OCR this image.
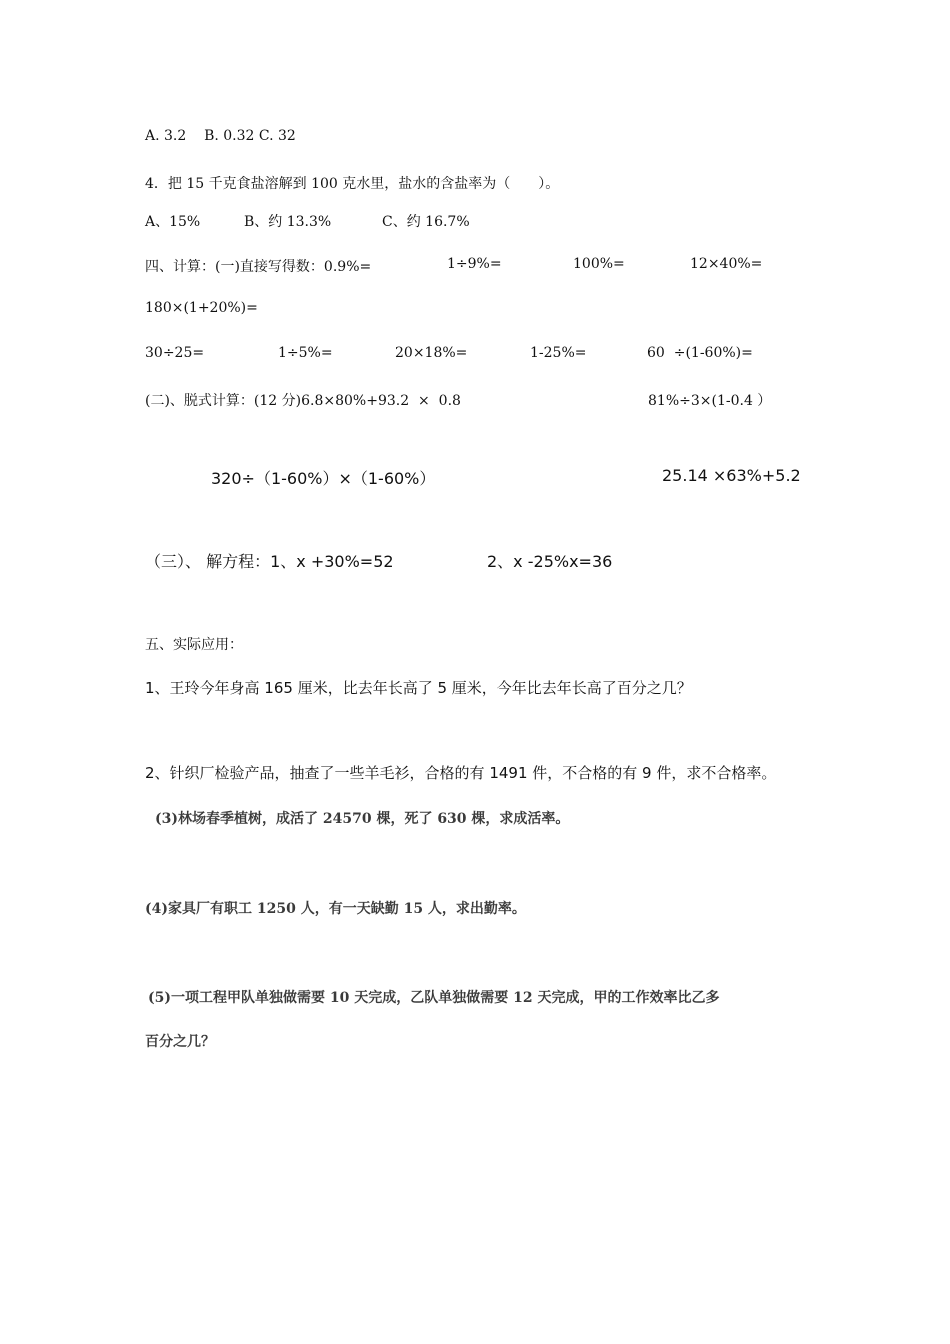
A. 3.2    B. 0.32 C. 32
4．把 15 千克食盐溶解到 100 克水里，盐水的含盐率为（　　）。
A、15%	B、约 13.3%	C、约 16.7%
四、计算：(一)直接写得数：0.9%=	1÷9%=	100%=	12×40%=
180×(1+20%)=
30÷25=	1÷5%=	20×18%=	1-25%=	60  ÷(1-60%)=
(二)、脱式计算：(12 分)6.8×80%+93.2  ×  0.8	81%÷3×(1-0.4 ）
320÷（1-60%）×（1-60%）	25.14 ×63%+5.2
（三）、 解方程：1、x +30%=52	2、x -25%x=36
五、实际应用：
1、王玲今年身高 165 厘米，比去年长高了 5 厘米，今年比去年长高了百分之几？
2、针织厂检验产品，抽查了一些羊毛衫，合格的有 1491 件，不合格的有 9 件，求不合格率。
(3)林场春季植树，成活了 24570 棵，死了 630 棵，求成活率。
(4)家具厂有职工 1250 人，有一天缺勤 15 人，求出勤率。
(5)一项工程甲队单独做需要 10 天完成，乙队单独做需要 12 天完成，甲的工作效率比乙多
百分之几？
